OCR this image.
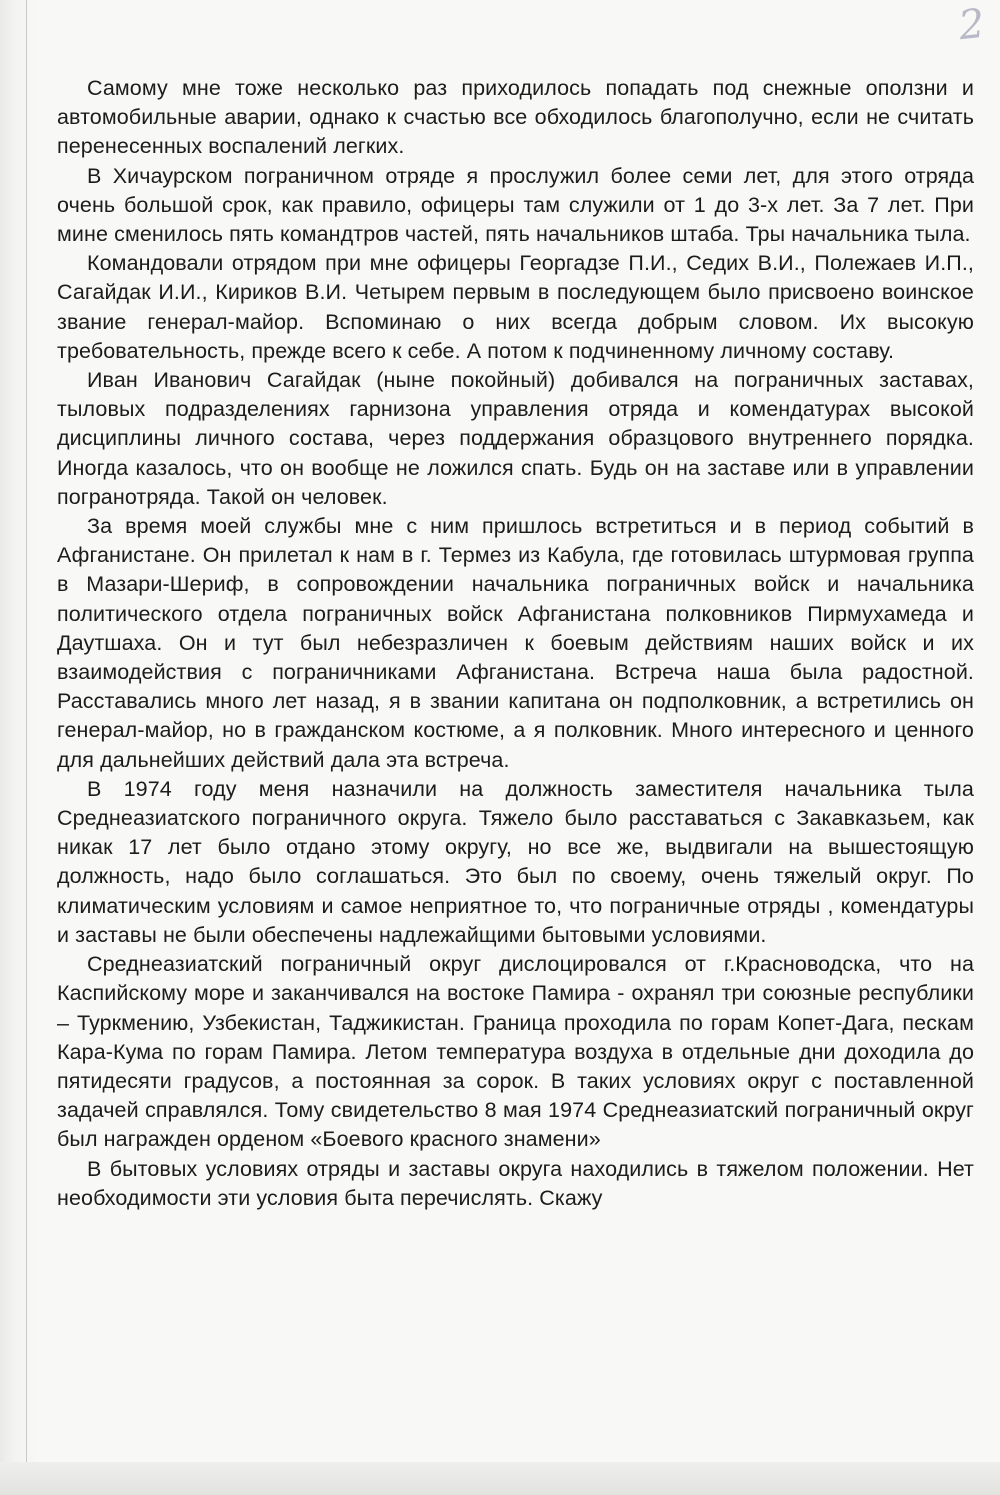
2

Самому мне тоже несколько раз приходилось попадать под снежные оползни и автомобильные аварии, однако к счастью все обходилось благополучно, если не считать перенесенных воспалений легких.

В Хичаурском пограничном отряде я прослужил более семи лет, для этого отряда очень большой срок, как правило, офицеры там служили от 1 до 3-х лет. За 7 лет. При мине сменилось пять командтров частей, пять начальников штаба. Тры начальника тыла.

Командовали отрядом при мне офицеры Георгадзе П.И., Седих В.И., Полежаев И.П., Сагайдак И.И., Кириков В.И. Четырем первым в последующем было присвоено воинское звание генерал-майор. Вспоминаю о них всегда добрым словом. Их высокую требовательность, прежде всего к себе. А потом к подчиненному личному составу.

Иван Иванович Сагайдак (ныне покойный) добивался на пограничных заставах, тыловых подразделениях гарнизона управления отряда и комендатурах высокой дисциплины личного состава, через поддержания образцового внутреннего порядка. Иногда казалось, что он вообще не ложился спать. Будь он на заставе или в управлении погранотряда. Такой он человек.

За время моей службы мне с ним пришлось встретиться и в период событий в Афганистане. Он прилетал к нам в г. Термез из Кабула, где готовилась штурмовая группа в Мазари-Шериф, в сопровождении начальника пограничных войск и начальника политического отдела пограничных войск Афганистана полковников Пирмухамеда и Даутшаха. Он и тут был небезразличен к боевым действиям наших войск и их взаимодействия с пограничниками Афганистана. Встреча наша была радостной. Расставались много лет назад, я в звании капитана он подполковник, а встретились он генерал-майор, но в гражданском костюме, а я полковник. Много интересного и ценного для дальнейших действий дала эта встреча.

В 1974 году меня назначили на должность заместителя начальника тыла Среднеазиатского пограничного округа. Тяжело было расставаться с Закавказьем, как никак 17 лет было отдано этому округу, но все же, выдвигали на вышестоящую должность, надо было соглашаться. Это был по своему, очень тяжелый округ. По климатическим условиям и самое неприятное то, что пограничные отряды , комендатуры и заставы не были обеспечены надлежайщими бытовыми условиями.

Среднеазиатский пограничный округ дислоцировался от г.Красноводска, что на Каспийскому море и заканчивался на востоке Памира - охранял три союзные республики – Туркмению, Узбекистан, Таджикистан. Граница проходила по горам Копет-Дага, пескам Кара-Кума по горам Памира. Летом температура воздуха в отдельные дни доходила до пятидесяти градусов, а постоянная за сорок. В таких условиях округ с поставленной задачей справлялся. Тому свидетельство 8 мая 1974 Среднеазиатский пограничный округ был награжден орденом «Боевого красного знамени»

В бытовых условиях отряды и заставы округа находились в тяжелом положении. Нет необходимости эти условия быта перечислять. Скажу
